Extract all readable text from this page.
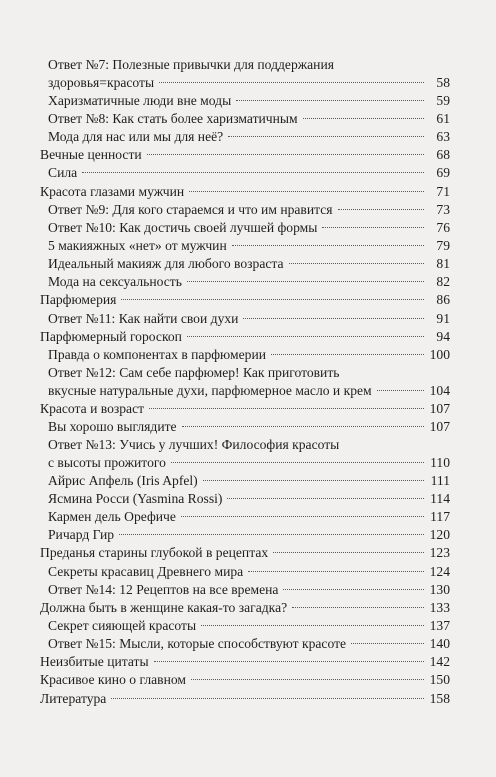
Ответ №7: Полезные привычки для поддержания
здоровья=красоты	58
Харизматичные люди вне моды	59
Ответ №8: Как стать более харизматичным	61
Мода для нас или мы для неё?	63
Вечные ценности	68
Сила	69
Красота глазами мужчин	71
Ответ №9: Для кого стараемся и что им нравится	73
Ответ №10: Как достичь своей лучшей формы	76
5 макияжных «нет» от мужчин	79
Идеальный макияж для любого возраста	81
Мода на сексуальность	82
Парфюмерия	86
Ответ №11: Как найти свои духи	91
Парфюмерный гороскоп	94
Правда о компонентах в парфюмерии	100
Ответ №12: Сам себе парфюмер! Как приготовить
вкусные натуральные духи, парфюмерное масло и крем	104
Красота и возраст	107
Вы хорошо выглядите	107
Ответ №13: Учись у лучших! Философия красоты
с высоты прожитого	110
Айрис Апфель (Iris Apfel)	111
Ясмина Росси (Yasmina Rossi)	114
Кармен дель Орефиче	117
Ричард Гир	120
Преданья старины глубокой в рецептах	123
Секреты красавиц Древнего мира	124
Ответ №14: 12 Рецептов на все времена	130
Должна быть в женщине какая-то загадка?	133
Секрет сияющей красоты	137
Ответ №15: Мысли, которые способствуют красоте	140
Неизбитые цитаты	142
Красивое кино о главном	150
Литература	158
